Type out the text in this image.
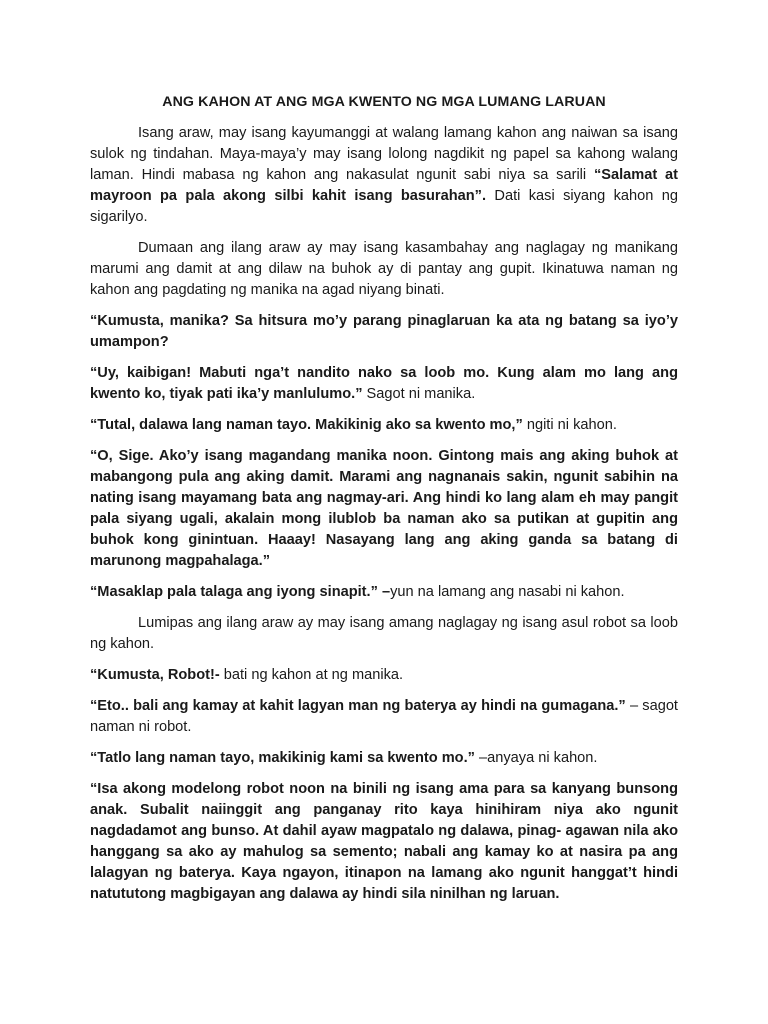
ANG KAHON AT ANG MGA KWENTO NG MGA LUMANG LARUAN

Isang araw, may isang kayumanggi at walang lamang kahon ang naiwan sa isang sulok ng tindahan. Maya-maya’y may isang lolong nagdikit ng papel sa kahong walang laman. Hindi mabasa ng kahon ang nakasulat ngunit sabi niya sa sarili “Salamat at mayroon pa pala akong silbi kahit isang basurahan”. Dati kasi siyang kahon ng sigarilyo.

Dumaan ang ilang araw ay may isang kasambahay ang naglagay ng manikang marumi ang damit at ang dilaw na buhok ay di pantay ang gupit. Ikinatuwa naman ng kahon ang pagdating ng manika na agad niyang binati.

“Kumusta, manika? Sa hitsura mo’y parang pinaglaruan ka ata ng batang sa iyo’y umampon?

“Uy, kaibigan! Mabuti nga’t nandito nako sa loob mo. Kung alam mo lang ang kwento ko, tiyak pati ika’y manlulumo.” Sagot ni manika.

“Tutal, dalawa lang naman tayo. Makikinig ako sa kwento mo,” ngiti ni kahon.

“O, Sige. Ako’y isang magandang manika noon. Gintong mais ang aking buhok at mabangong pula ang aking damit. Marami ang nagnanais sakin, ngunit sabihin na nating isang mayamang bata ang nagmay-ari. Ang hindi ko lang alam eh may pangit pala siyang ugali, akalain mong ilublob ba naman ako sa putikan at gupitin ang buhok kong ginintuan. Haaay! Nasayang lang ang aking ganda sa batang di marunong magpahalaga.”

“Masaklap pala talaga ang iyong sinapit.” –yun na lamang ang nasabi ni kahon.

Lumipas ang ilang araw ay may isang amang naglagay ng isang asul robot sa loob ng kahon.

“Kumusta, Robot!- bati ng kahon at ng manika.

“Eto.. bali ang kamay at kahit lagyan man ng baterya ay hindi na gumagana.” – sagot naman ni robot.

“Tatlo lang naman tayo, makikinig kami sa kwento mo.” –anyaya ni kahon.

“Isa akong modelong robot noon na binili ng isang ama para sa kanyang bunsong anak. Subalit naiinggit ang panganay rito kaya hinihiram niya ako ngunit nagdadamot ang bunso. At dahil ayaw magpatalo ng dalawa, pinag- agawan nila ako hanggang sa ako ay mahulog sa semento; nabali ang kamay ko at nasira pa ang lalagyan ng baterya. Kaya ngayon, itinapon na lamang ako ngunit hanggat’t hindi natututong magbigayan ang dalawa ay hindi sila ninilhan ng laruan.
